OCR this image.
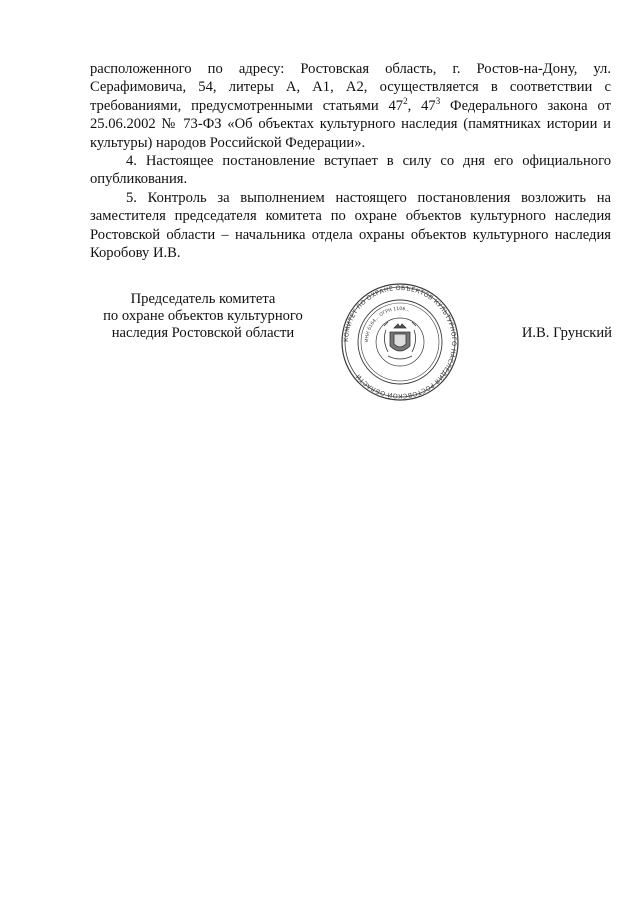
расположенного по адресу: Ростовская область, г. Ростов-на-Дону, ул. Серафимовича, 54, литеры А, А1, А2, осуществляется в соответствии с требованиями, предусмотренными статьями $47^2$, $47^3$ Федерального закона от 25.06.2002 № 73-ФЗ «Об объектах культурного наследия (памятниках истории и культуры) народов Российской Федерации».

4. Настоящее постановление вступает в силу со дня его официального опубликования.

5. Контроль за выполнением настоящего постановления возложить на заместителя председателя комитета по охране объектов культурного наследия Ростовской области – начальника отдела охраны объектов культурного наследия Коробову И.В.

Председатель комитета
по охране объектов культурного
наследия Ростовской области	КОМИТЕТ ПО ОХРАНЕ ОБЪЕКТОВ КУЛЬТУРНОГО НАСЛЕДИЯ РОСТОВСКОЙ ОБЛАСТИ
ИНН 6164... ОГРН 1106...
И.В. Грунский
